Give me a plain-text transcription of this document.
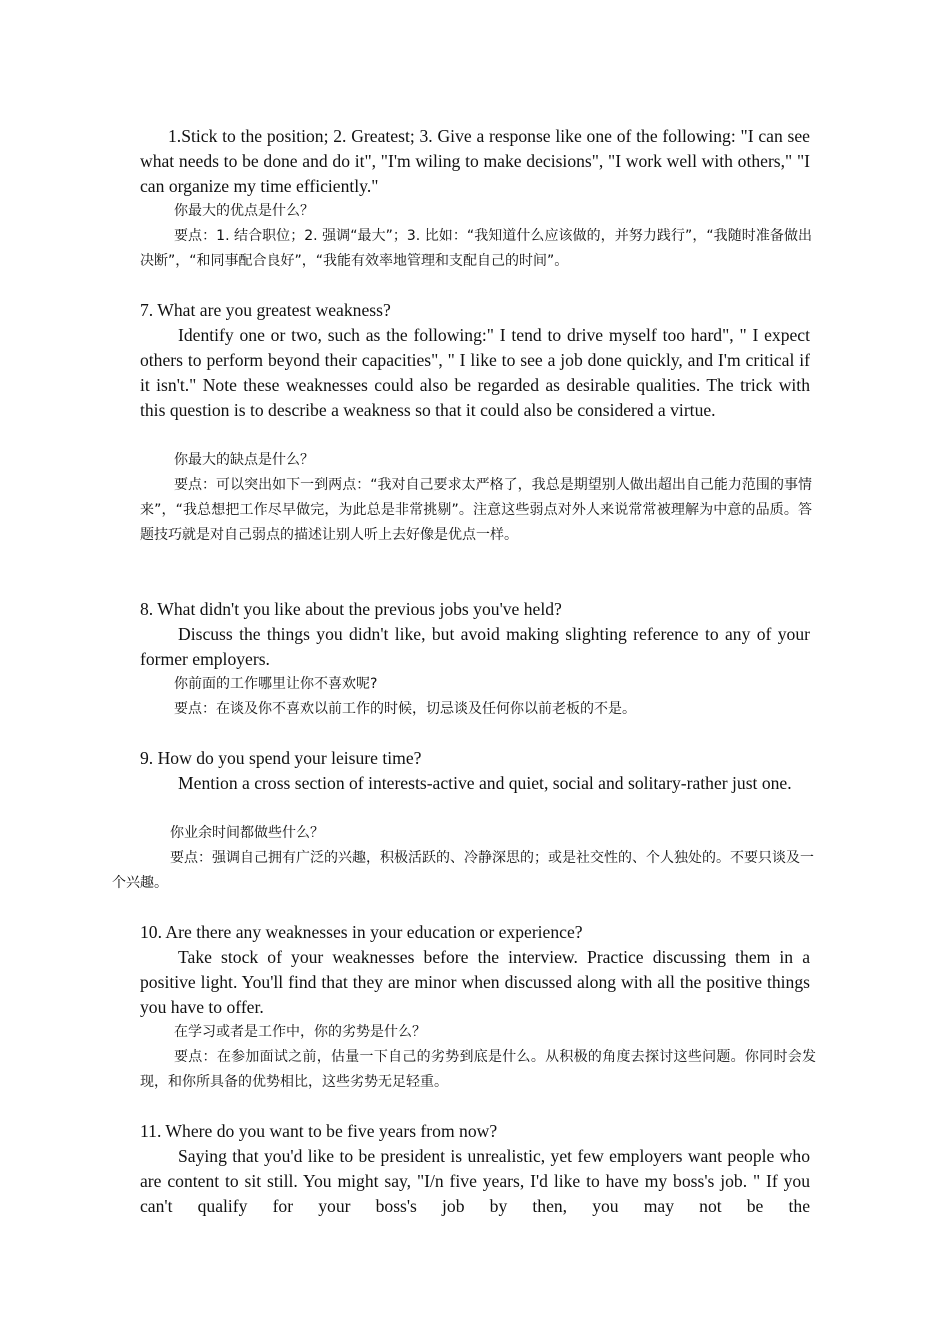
1.Stick to the position; 2. Greatest; 3. Give a response like one of the following: "I can see what needs to be done and do it", "I'm wiling to make decisions", "I work well with others," "I can organize my time efficiently."

你最大的优点是什么？

要点：1. 结合职位；2. 强调“最大”；3. 比如：“我知道什么应该做的，并努力践行”，“我随时准备做出决断”，“和同事配合良好”，“我能有效率地管理和支配自己的时间”。

7. What are you greatest weakness?

Identify one or two, such as the following:" I tend to drive myself too hard", " I expect others to perform beyond their capacities", " I like to see a job done quickly, and I'm critical if it isn't." Note these weaknesses could also be regarded as desirable qualities. The trick with this question is to describe a weakness so that it could also be considered a virtue.

你最大的缺点是什么？

要点：可以突出如下一到两点：“我对自己要求太严格了，我总是期望别人做出超出自己能力范围的事情来”，“我总想把工作尽早做完，为此总是非常挑剔”。注意这些弱点对外人来说常常被理解为中意的品质。答题技巧就是对自己弱点的描述让别人听上去好像是优点一样。

8. What didn't you like about the previous jobs you've held?

Discuss the things you didn't like, but avoid making slighting reference to any of your former employers.

你前面的工作哪里让你不喜欢呢?

要点：在谈及你不喜欢以前工作的时候，切忌谈及任何你以前老板的不是。

9. How do you spend your leisure time?

Mention a cross section of interests-active and quiet, social and solitary-rather just one.

你业余时间都做些什么？

要点：强调自己拥有广泛的兴趣，积极活跃的、冷静深思的；或是社交性的、个人独处的。不要只谈及一个兴趣。

10. Are there any weaknesses in your education or experience?

Take stock of your weaknesses before the interview. Practice discussing them in a positive light. You'll find that they are minor when discussed along with all the positive things you have to offer.

在学习或者是工作中，你的劣势是什么？

要点：在参加面试之前，估量一下自己的劣势到底是什么。从积极的角度去探讨这些问题。你同时会发现，和你所具备的优势相比，这些劣势无足轻重。

11. Where do you want to be five years from now?

Saying that you'd like to be president is unrealistic, yet few employers want people who are content to sit still. You might say, "I/n five years, I'd like to have my boss's job. " If you can't qualify for your boss's job by then, you may not be the
